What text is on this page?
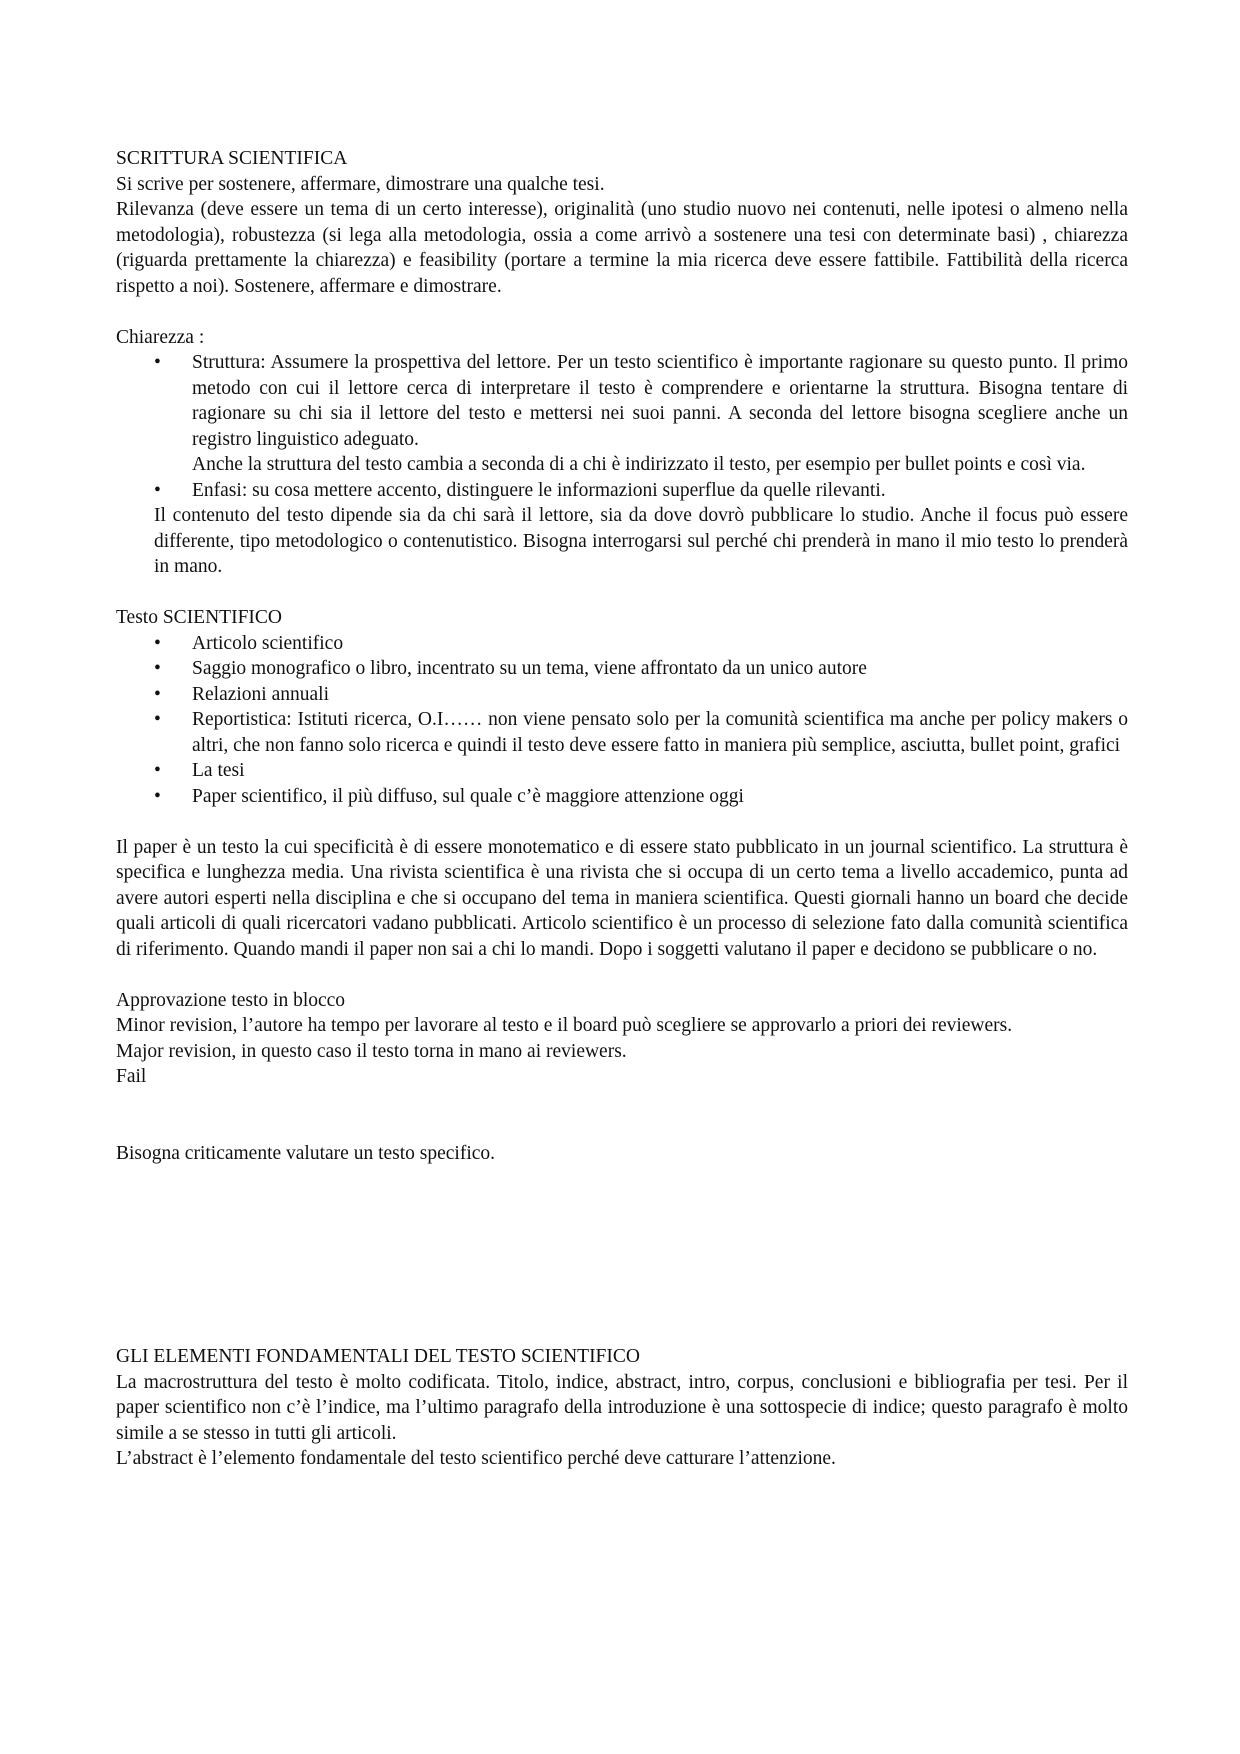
SCRITTURA SCIENTIFICA

Si scrive per sostenere, affermare, dimostrare una qualche tesi.

Rilevanza (deve essere un tema di un certo interesse), originalità (uno studio nuovo nei contenuti, nelle ipotesi o almeno nella metodologia), robustezza (si lega alla metodologia, ossia a come arrivò a sostenere una tesi con determinate basi) , chiarezza (riguarda prettamente la chiarezza) e feasibility (portare a termine la mia ricerca deve essere fattibile. Fattibilità della ricerca rispetto a noi). Sostenere, affermare e dimostrare.

Chiarezza :

• Struttura: Assumere la prospettiva del lettore. Per un testo scientifico è importante ragionare su questo punto. Il primo metodo con cui il lettore cerca di interpretare il testo è comprendere e orientarne la struttura. Bisogna tentare di ragionare su chi sia il lettore del testo e mettersi nei suoi panni. A seconda del lettore bisogna scegliere anche un registro linguistico adeguato.
Anche la struttura del testo cambia a seconda di a chi è indirizzato il testo, per esempio per bullet points e così via.
• Enfasi: su cosa mettere accento, distinguere le informazioni superflue da quelle rilevanti.

Il contenuto del testo dipende sia da chi sarà il lettore, sia da dove dovrò pubblicare lo studio. Anche il focus può essere differente, tipo metodologico o contenutistico. Bisogna interrogarsi sul perché chi prenderà in mano il mio testo lo prenderà in mano.

Testo SCIENTIFICO

• Articolo scientifico
• Saggio monografico o libro, incentrato su un tema, viene affrontato da un unico autore
• Relazioni annuali
• Reportistica: Istituti ricerca, O.I…… non viene pensato solo per la comunità scientifica ma anche per policy makers o altri, che non fanno solo ricerca e quindi il testo deve essere fatto in maniera più semplice, asciutta, bullet point, grafici
• La tesi
• Paper scientifico, il più diffuso, sul quale c’è maggiore attenzione oggi

Il paper è un testo la cui specificità è di essere monotematico e di essere stato pubblicato in un journal scientifico. La struttura è specifica e lunghezza media. Una rivista scientifica è una rivista che si occupa di un certo tema a livello accademico, punta ad avere autori esperti nella disciplina e che si occupano del tema in maniera scientifica. Questi giornali hanno un board che decide quali articoli di quali ricercatori vadano pubblicati. Articolo scientifico è un processo di selezione fato dalla comunità scientifica di riferimento. Quando mandi il paper non sai a chi lo mandi. Dopo i soggetti valutano il paper e decidono se pubblicare o no.

Approvazione testo in blocco

Minor revision, l’autore ha tempo per lavorare al testo e il board può scegliere se approvarlo a priori dei reviewers.

Major revision, in questo caso il testo torna in mano ai reviewers.

Fail

Bisogna criticamente valutare un testo specifico.

GLI ELEMENTI FONDAMENTALI DEL TESTO SCIENTIFICO

La macrostruttura del testo è molto codificata. Titolo, indice, abstract, intro, corpus, conclusioni e bibliografia per tesi. Per il paper scientifico non c’è l’indice, ma l’ultimo paragrafo della introduzione è una sottospecie di indice; questo paragrafo è molto simile a se stesso in tutti gli articoli.

L’abstract è l’elemento fondamentale del testo scientifico perché deve catturare l’attenzione.
